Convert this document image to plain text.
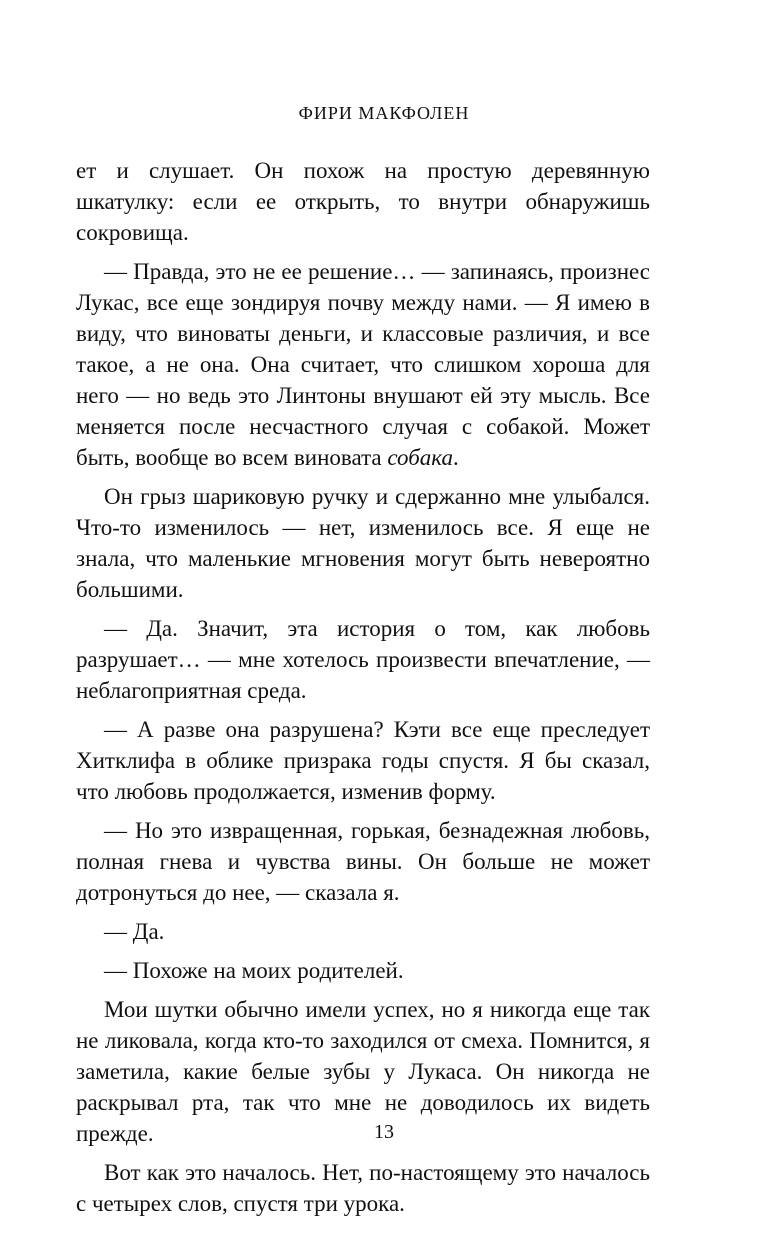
ФИРИ МАКФОЛЕН

ет и слушает. Он похож на простую деревянную шкатулку: если ее открыть, то внутри обнаружишь сокровища.

— Правда, это не ее решение… — запинаясь, произнес Лукас, все еще зондируя почву между нами. — Я имею в виду, что виноваты деньги, и классовые различия, и все такое, а не она. Она считает, что слишком хороша для него — но ведь это Линтоны внушают ей эту мысль. Все меняется после несчастного случая с собакой. Может быть, вообще во всем виновата собака.

Он грыз шариковую ручку и сдержанно мне улыбался. Что-то изменилось — нет, изменилось все. Я еще не знала, что маленькие мгновения могут быть невероятно большими.

— Да. Значит, эта история о том, как любовь разрушает… — мне хотелось произвести впечатление, — неблагоприятная среда.

— А разве она разрушена? Кэти все еще преследует Хитклифа в облике призрака годы спустя. Я бы сказал, что любовь продолжается, изменив форму.

— Но это извращенная, горькая, безнадежная любовь, полная гнева и чувства вины. Он больше не может дотронуться до нее, — сказала я.

— Да.

— Похоже на моих родителей.

Мои шутки обычно имели успех, но я никогда еще так не ликовала, когда кто-то заходился от смеха. Помнится, я заметила, какие белые зубы у Лукаса. Он никогда не раскрывал рта, так что мне не доводилось их видеть прежде.

Вот как это началось. Нет, по-настоящему это началось с четырех слов, спустя три урока.

13
